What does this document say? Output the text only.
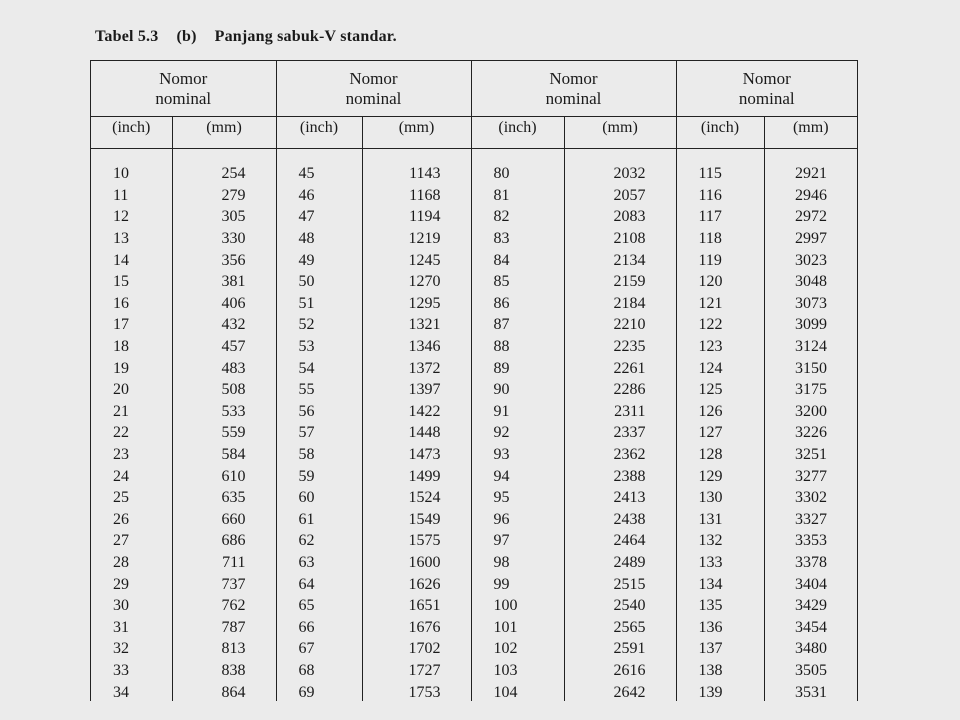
Tabel 5.3 (b) Panjang sabuk-V standar.
Nomor
nominal		Nomor
nominal		Nomor
nominal		Nomor
nominal	
(inch)	(mm)	(inch)	(mm)	(inch)	(mm)	(inch)	(mm)

10	254	45	1143	80	2032	115	2921
11	279	46	1168	81	2057	116	2946
12	305	47	1194	82	2083	117	2972
13	330	48	1219	83	2108	118	2997
14	356	49	1245	84	2134	119	3023
15	381	50	1270	85	2159	120	3048
16	406	51	1295	86	2184	121	3073
17	432	52	1321	87	2210	122	3099
18	457	53	1346	88	2235	123	3124
19	483	54	1372	89	2261	124	3150
20	508	55	1397	90	2286	125	3175
21	533	56	1422	91	2311	126	3200
22	559	57	1448	92	2337	127	3226
23	584	58	1473	93	2362	128	3251
24	610	59	1499	94	2388	129	3277
25	635	60	1524	95	2413	130	3302
26	660	61	1549	96	2438	131	3327
27	686	62	1575	97	2464	132	3353
28	711	63	1600	98	2489	133	3378
29	737	64	1626	99	2515	134	3404
30	762	65	1651	100	2540	135	3429
31	787	66	1676	101	2565	136	3454
32	813	67	1702	102	2591	137	3480
33	838	68	1727	103	2616	138	3505
34	864	69	1753	104	2642	139	3531
